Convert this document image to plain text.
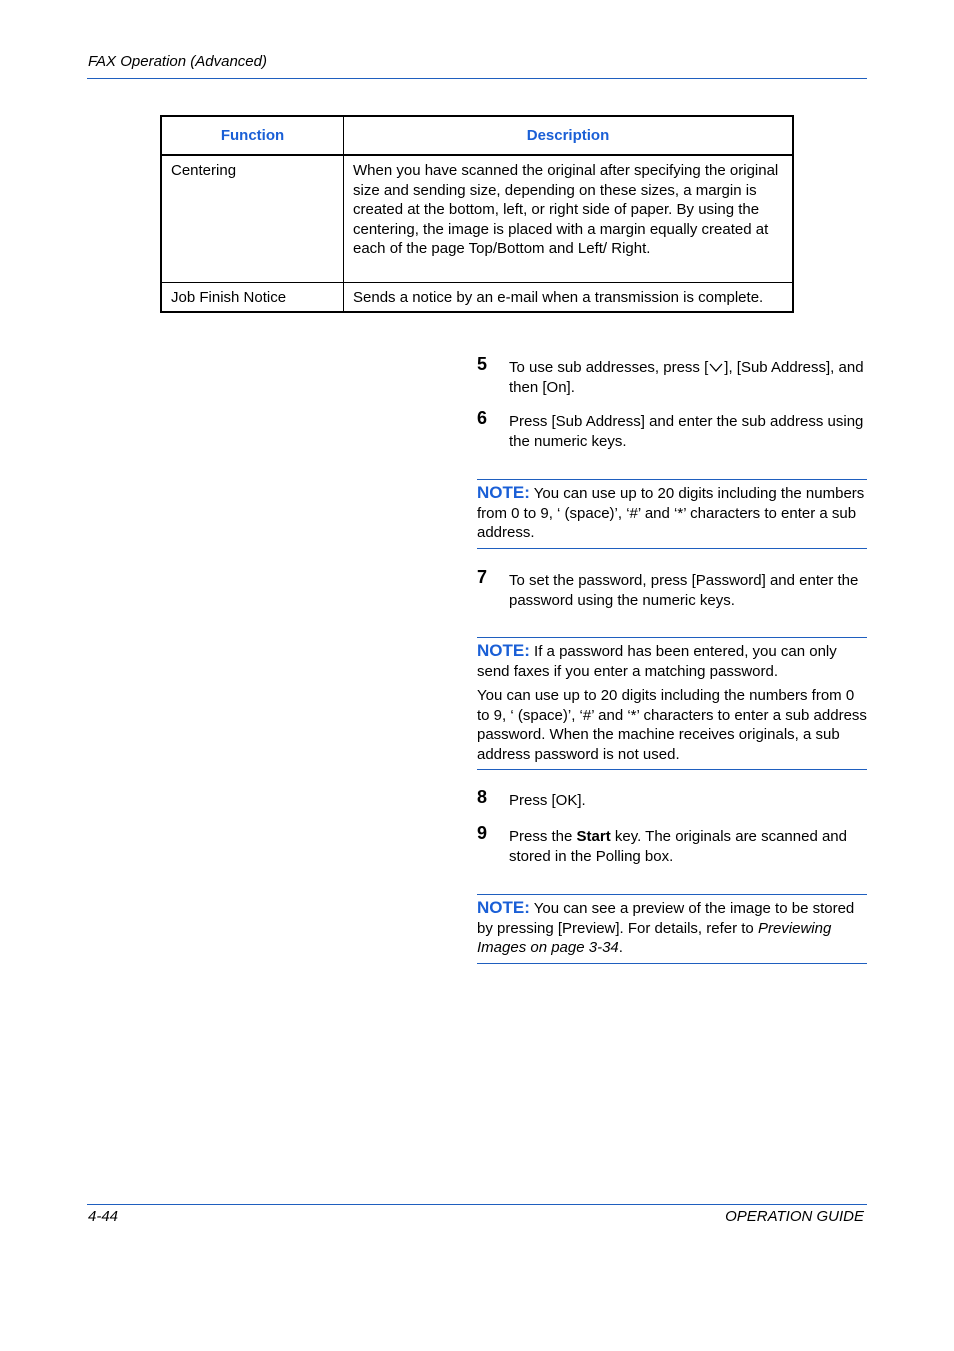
FAX Operation (Advanced)
Function	Description
Centering	When you have scanned the original after specifying the original size and sending size, depending on these sizes, a margin is created at the bottom, left, or right side of paper. By using the centering, the image is placed with a margin equally created at each of the page Top/Bottom and Left/ Right.
Job Finish Notice	Sends a notice by an e-mail when a transmission is complete.
5 To use sub addresses, press [ ], [Sub Address], and then [On].
6 Press [Sub Address] and enter the sub address using the numeric keys.

NOTE: You can use up to 20 digits including the numbers from 0 to 9, ‘ (space)’, ‘#’ and ‘*’ characters to enter a sub address.

7 To set the password, press [Password] and enter the password using the numeric keys.

NOTE: If a password has been entered, you can only send faxes if you enter a matching password.

You can use up to 20 digits including the numbers from 0 to 9, ‘ (space)’, ‘#’ and ‘*’ characters to enter a sub address password. When the machine receives originals, a sub address password is not used.

8 Press [OK].
9 Press the Start key. The originals are scanned and stored in the Polling box.

NOTE: You can see a preview of the image to be stored by pressing [Preview]. For details, refer to Previewing Images on page 3-34.

4-44	OPERATION GUIDE
